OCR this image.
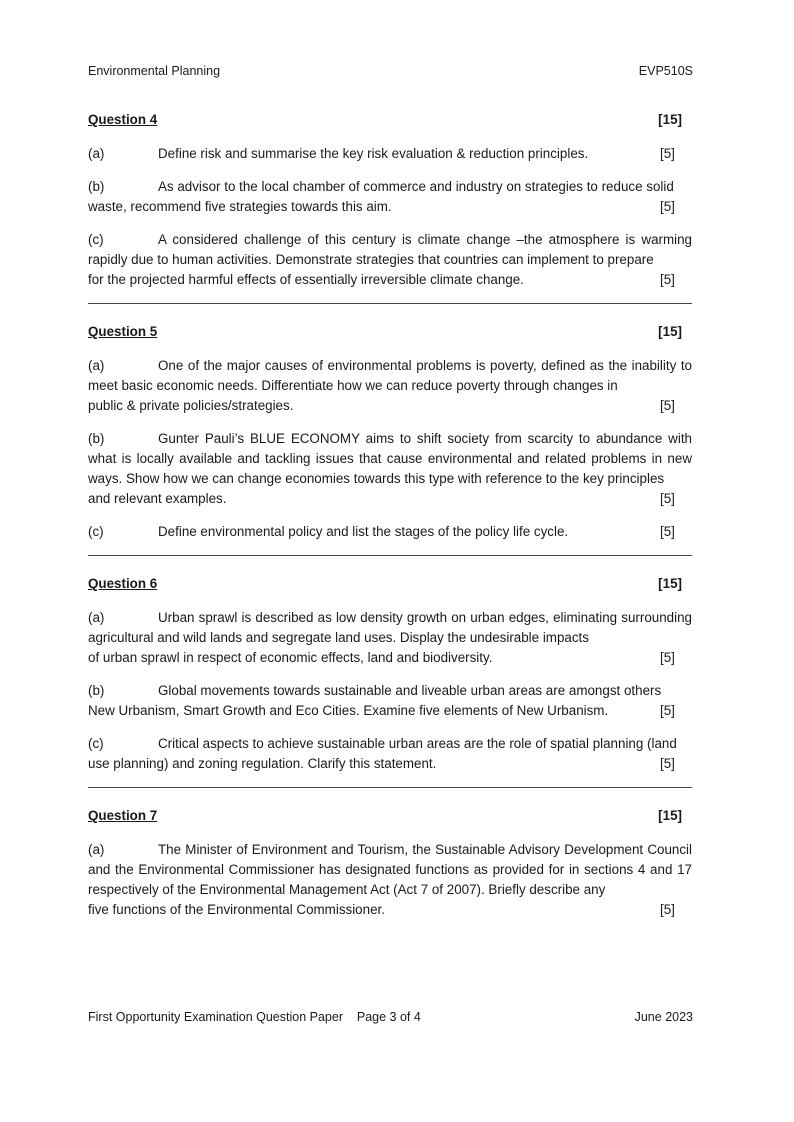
Environmental Planning	EVP510S
Question 4	[15]
(a)	Define risk and summarise the key risk evaluation & reduction principles.	[5]
(b)	As advisor to the local chamber of commerce and industry on strategies to reduce solid
waste, recommend five strategies towards this aim.	[5]
(c)	A considered challenge of this century is climate change –the atmosphere is warming rapidly due to human activities. Demonstrate strategies that countries can implement to prepare
for the projected harmful effects of essentially irreversible climate change.	[5]
Question 5	[15]
(a)	One of the major causes of environmental problems is poverty, defined as the inability to meet basic economic needs. Differentiate how we can reduce poverty through changes in
public & private policies/strategies.	[5]
(b)	Gunter Pauli’s BLUE ECONOMY aims to shift society from scarcity to abundance with what is locally available and tackling issues that cause environmental and related problems in new ways. Show how we can change economies towards this type with reference to the key principles
and relevant examples.	[5]
(c)	Define environmental policy and list the stages of the policy life cycle.	[5]
Question 6	[15]
(a)	Urban sprawl is described as low density growth on urban edges, eliminating surrounding agricultural and wild lands and segregate land uses. Display the undesirable impacts
of urban sprawl in respect of economic effects, land and biodiversity.	[5]
(b)	Global movements towards sustainable and liveable urban areas are amongst others
New Urbanism, Smart Growth and Eco Cities. Examine five elements of New Urbanism.	[5]
(c)	Critical aspects to achieve sustainable urban areas are the role of spatial planning (land
use planning) and zoning regulation. Clarify this statement.	[5]
Question 7	[15]
(a)	The Minister of Environment and Tourism, the Sustainable Advisory Development Council and the Environmental Commissioner has designated functions as provided for in sections 4 and 17 respectively of the Environmental Management Act (Act 7 of 2007). Briefly describe any
five functions of the Environmental Commissioner.	[5]
First Opportunity Examination Question Paper    Page 3 of 4	June 2023
